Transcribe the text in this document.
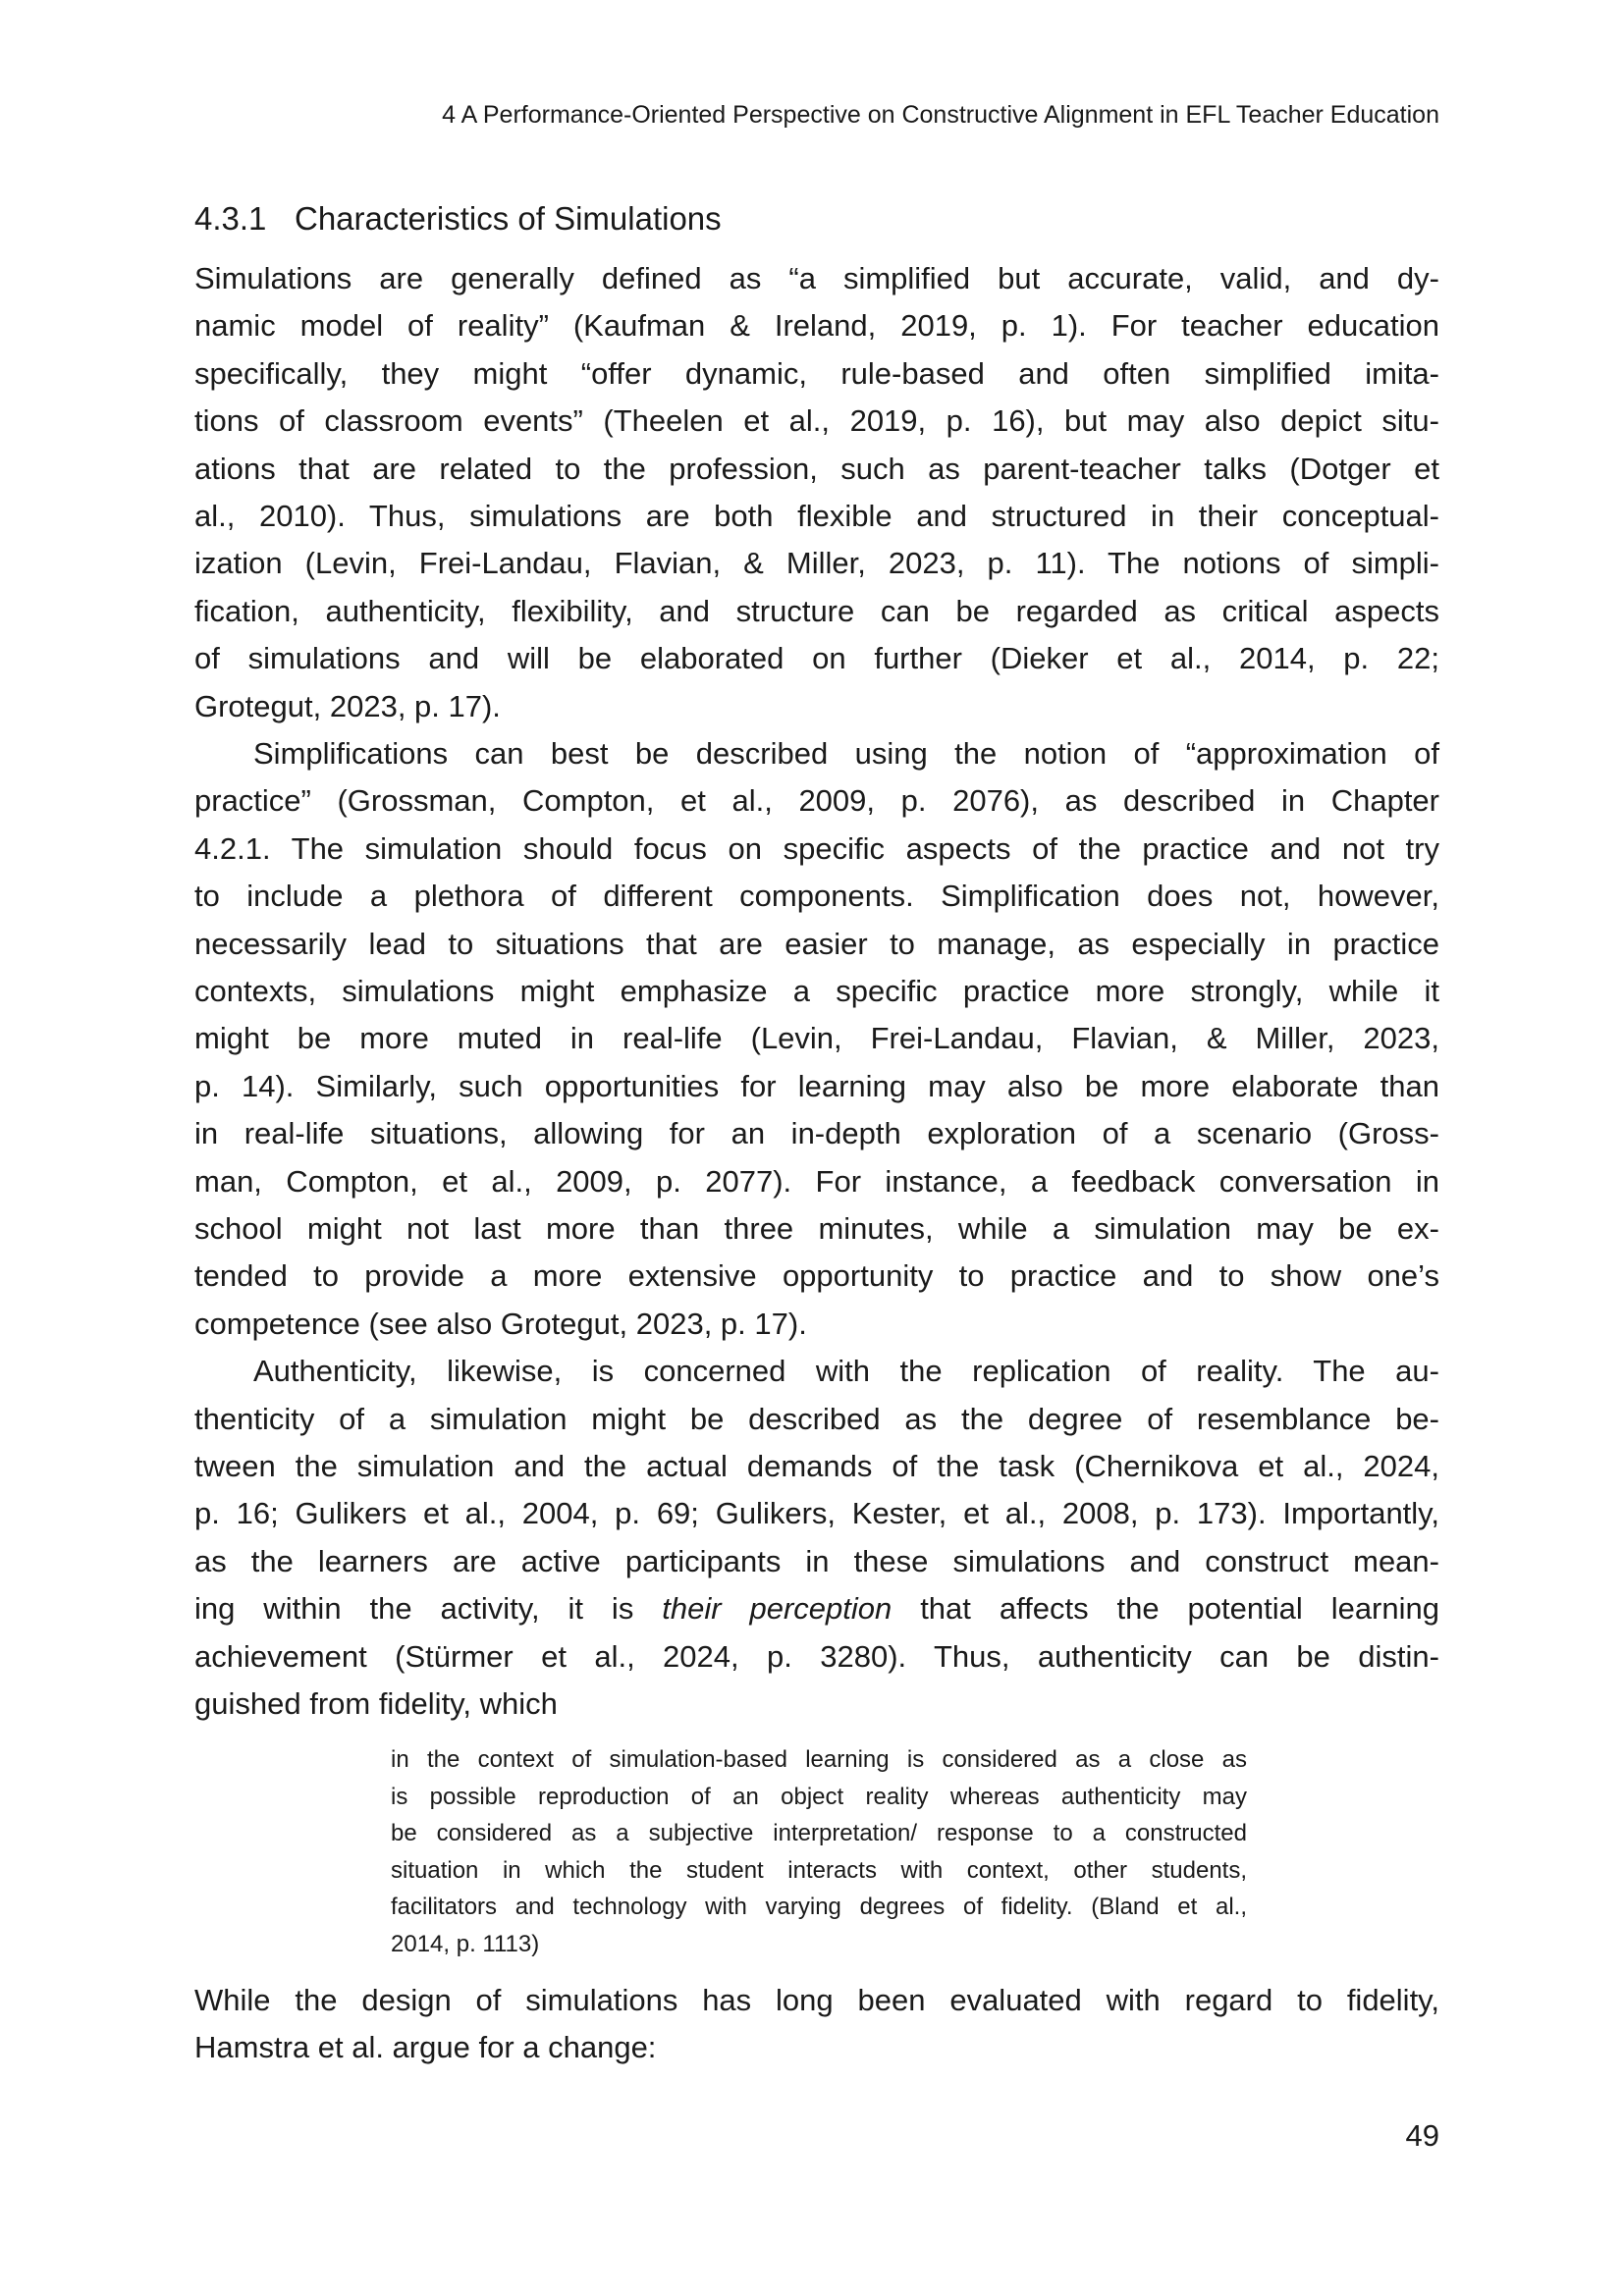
4 A Performance-Oriented Perspective on Constructive Alignment in EFL Teacher Education
4.3.1 Characteristics of Simulations
Simulations are generally defined as “a simplified but accurate, valid, and dy-
namic model of reality” (Kaufman & Ireland, 2019, p. 1). For teacher education
specifically, they might “offer dynamic, rule-based and often simplified imita-
tions of classroom events” (Theelen et al., 2019, p. 16), but may also depict situ-
ations that are related to the profession, such as parent-teacher talks (Dotger et
al., 2010). Thus, simulations are both flexible and structured in their conceptual-
ization (Levin, Frei-Landau, Flavian, & Miller, 2023, p. 11). The notions of simpli-
fication, authenticity, flexibility, and structure can be regarded as critical aspects
of simulations and will be elaborated on further (Dieker et al., 2014, p. 22;
Grotegut, 2023, p. 17).
Simplifications can best be described using the notion of “approximation of
practice” (Grossman, Compton, et al., 2009, p. 2076), as described in Chapter
4.2.1. The simulation should focus on specific aspects of the practice and not try
to include a plethora of different components. Simplification does not, however,
necessarily lead to situations that are easier to manage, as especially in practice
contexts, simulations might emphasize a specific practice more strongly, while it
might be more muted in real-life (Levin, Frei-Landau, Flavian, & Miller, 2023,
p. 14). Similarly, such opportunities for learning may also be more elaborate than
in real-life situations, allowing for an in-depth exploration of a scenario (Gross-
man, Compton, et al., 2009, p. 2077). For instance, a feedback conversation in
school might not last more than three minutes, while a simulation may be ex-
tended to provide a more extensive opportunity to practice and to show one’s
competence (see also Grotegut, 2023, p. 17).
Authenticity, likewise, is concerned with the replication of reality. The au-
thenticity of a simulation might be described as the degree of resemblance be-
tween the simulation and the actual demands of the task (Chernikova et al., 2024,
p. 16; Gulikers et al., 2004, p. 69; Gulikers, Kester, et al., 2008, p. 173). Importantly,
as the learners are active participants in these simulations and construct mean-
ing within the activity, it is their perception that affects the potential learning
achievement (Stürmer et al., 2024, p. 3280). Thus, authenticity can be distin-
guished from fidelity, which
in the context of simulation-based learning is considered as a close as
is possible reproduction of an object reality whereas authenticity may
be considered as a subjective interpretation/ response to a constructed
situation in which the student interacts with context, other students,
facilitators and technology with varying degrees of fidelity. (Bland et al.,
2014, p. 1113)
While the design of simulations has long been evaluated with regard to fidelity,
Hamstra et al. argue for a change:
49
